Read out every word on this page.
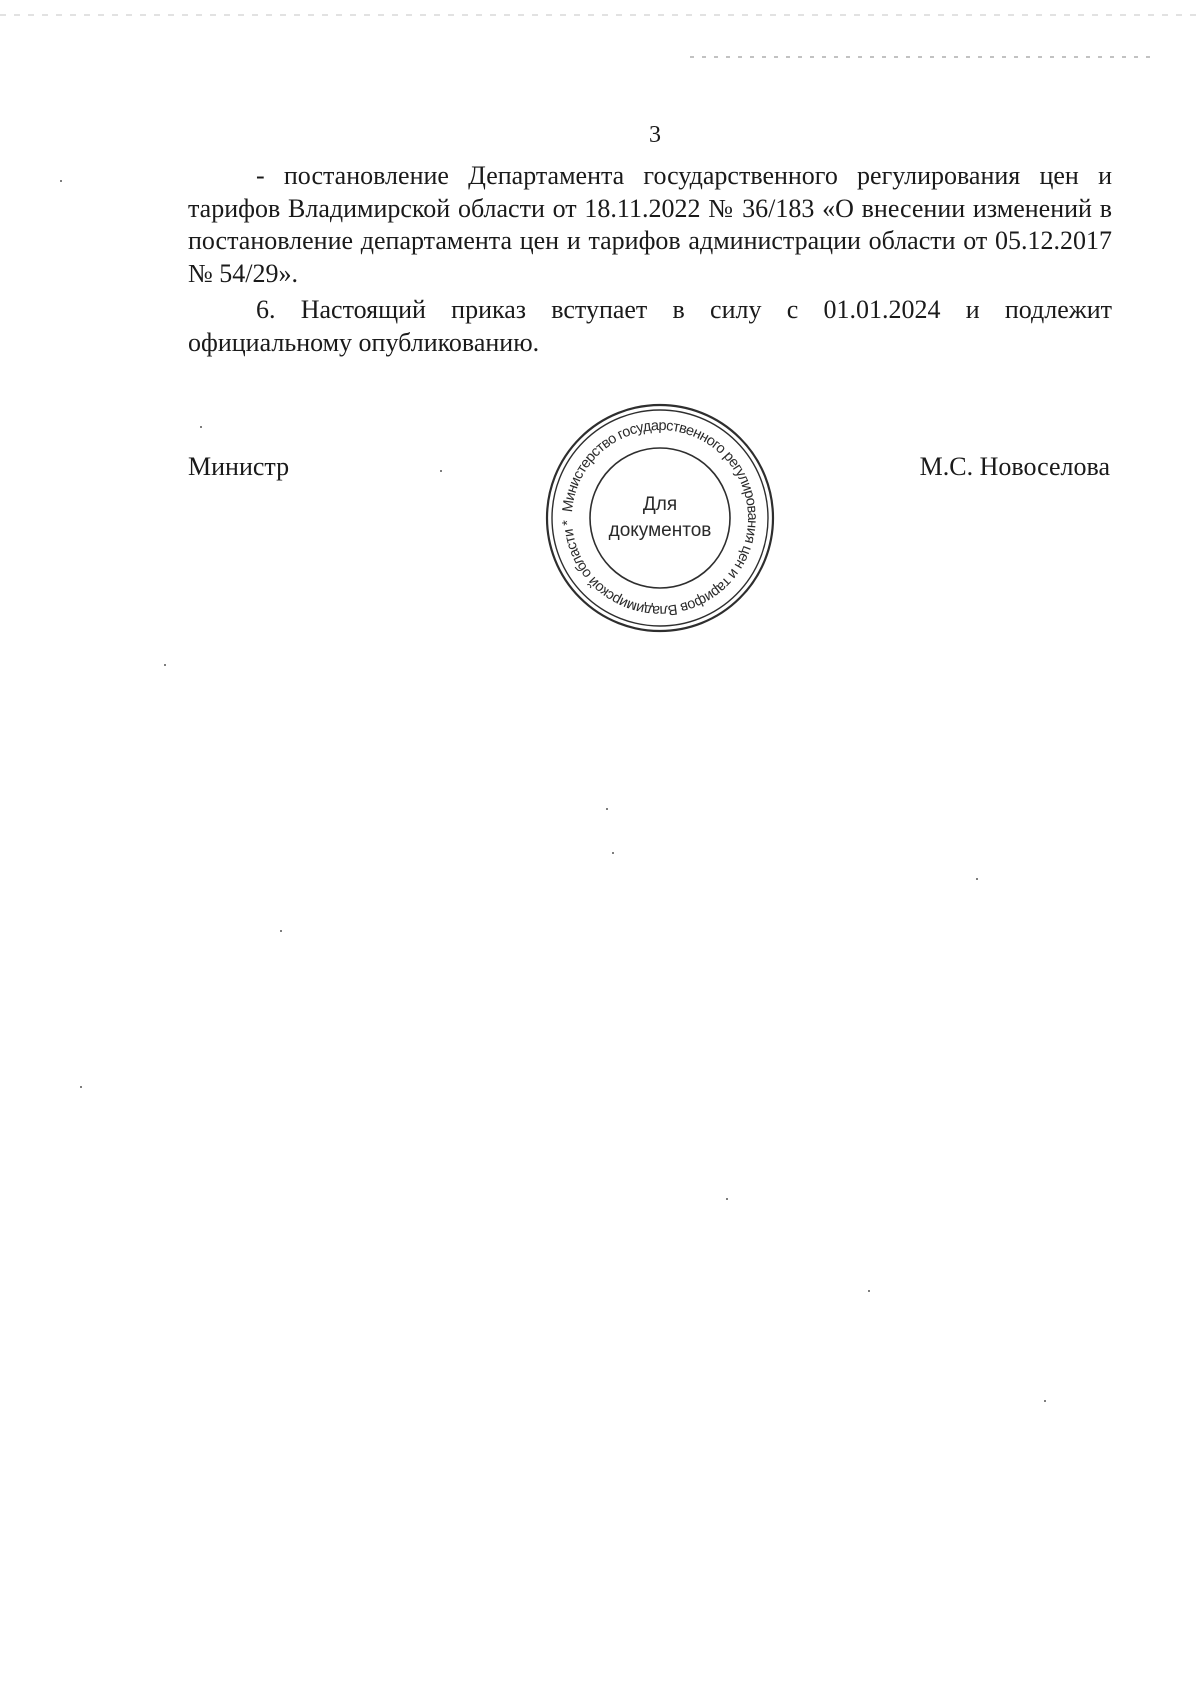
3

- постановление Департамента государственного регулирования цен и тарифов Владимирской области от 18.11.2022 № 36/183 «О внесении изменений в постановление департамента цен и тарифов администрации области от 05.12.2017 № 54/29».

6. Настоящий приказ вступает в силу с 01.01.2024 и подлежит официальному опубликованию.

Министр
Министерство государственного регулирования цен и тарифов Владимирской области *
Для
документов
М.С. Новоселова
